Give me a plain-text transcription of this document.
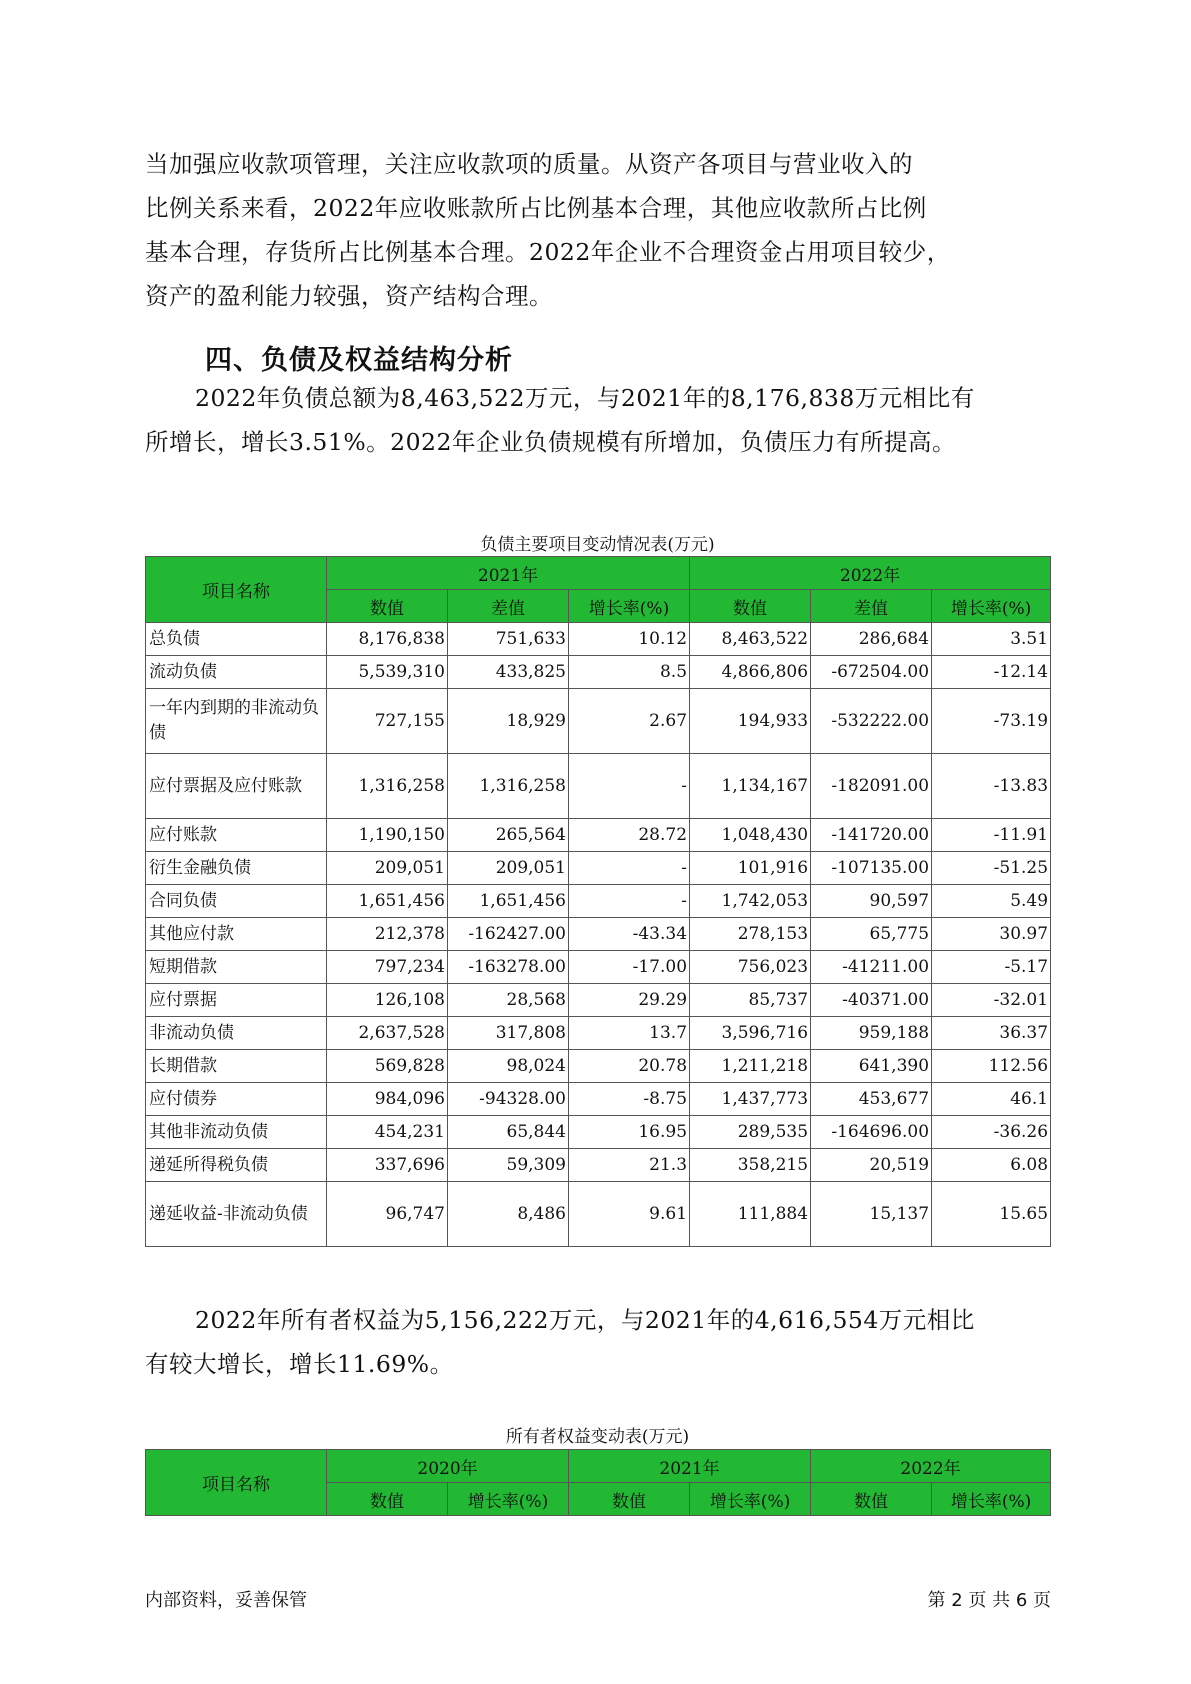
当加强应收款项管理，关注应收款项的质量。从资产各项目与营业收入的
比例关系来看，2022年应收账款所占比例基本合理，其他应收款所占比例
基本合理，存货所占比例基本合理。2022年企业不合理资金占用项目较少，
资产的盈利能力较强，资产结构合理。

四、负债及权益结构分析

2022年负债总额为8,463,522万元，与2021年的8,176,838万元相比有
所增长，增长3.51%。2022年企业负债规模有所增加，负债压力有所提高。

负债主要项目变动情况表(万元)
项目名称	2021年			2022年		
	数值	差值	增长率(%)	数值	差值	增长率(%)
总负债	8,176,838	751,633	10.12	8,463,522	286,684	3.51
流动负债	5,539,310	433,825	8.5	4,866,806	-672504.00	-12.14
一年内到期的非流动负债	727,155	18,929	2.67	194,933	-532222.00	-73.19
应付票据及应付账款	1,316,258	1,316,258	-	1,134,167	-182091.00	-13.83
应付账款	1,190,150	265,564	28.72	1,048,430	-141720.00	-11.91
衍生金融负债	209,051	209,051	-	101,916	-107135.00	-51.25
合同负债	1,651,456	1,651,456	-	1,742,053	90,597	5.49
其他应付款	212,378	-162427.00	-43.34	278,153	65,775	30.97
短期借款	797,234	-163278.00	-17.00	756,023	-41211.00	-5.17
应付票据	126,108	28,568	29.29	85,737	-40371.00	-32.01
非流动负债	2,637,528	317,808	13.7	3,596,716	959,188	36.37
长期借款	569,828	98,024	20.78	1,211,218	641,390	112.56
应付债券	984,096	-94328.00	-8.75	1,437,773	453,677	46.1
其他非流动负债	454,231	65,844	16.95	289,535	-164696.00	-36.26
递延所得税负债	337,696	59,309	21.3	358,215	20,519	6.08
递延收益-非流动负债	96,747	8,486	9.61	111,884	15,137	15.65

2022年所有者权益为5,156,222万元，与2021年的4,616,554万元相比
有较大增长，增长11.69%。

所有者权益变动表(万元)
项目名称	2020年		2021年		2022年	
	数值	增长率(%)	数值	增长率(%)	数值	增长率(%)
内部资料，妥善保管	第 2 页 共 6 页
